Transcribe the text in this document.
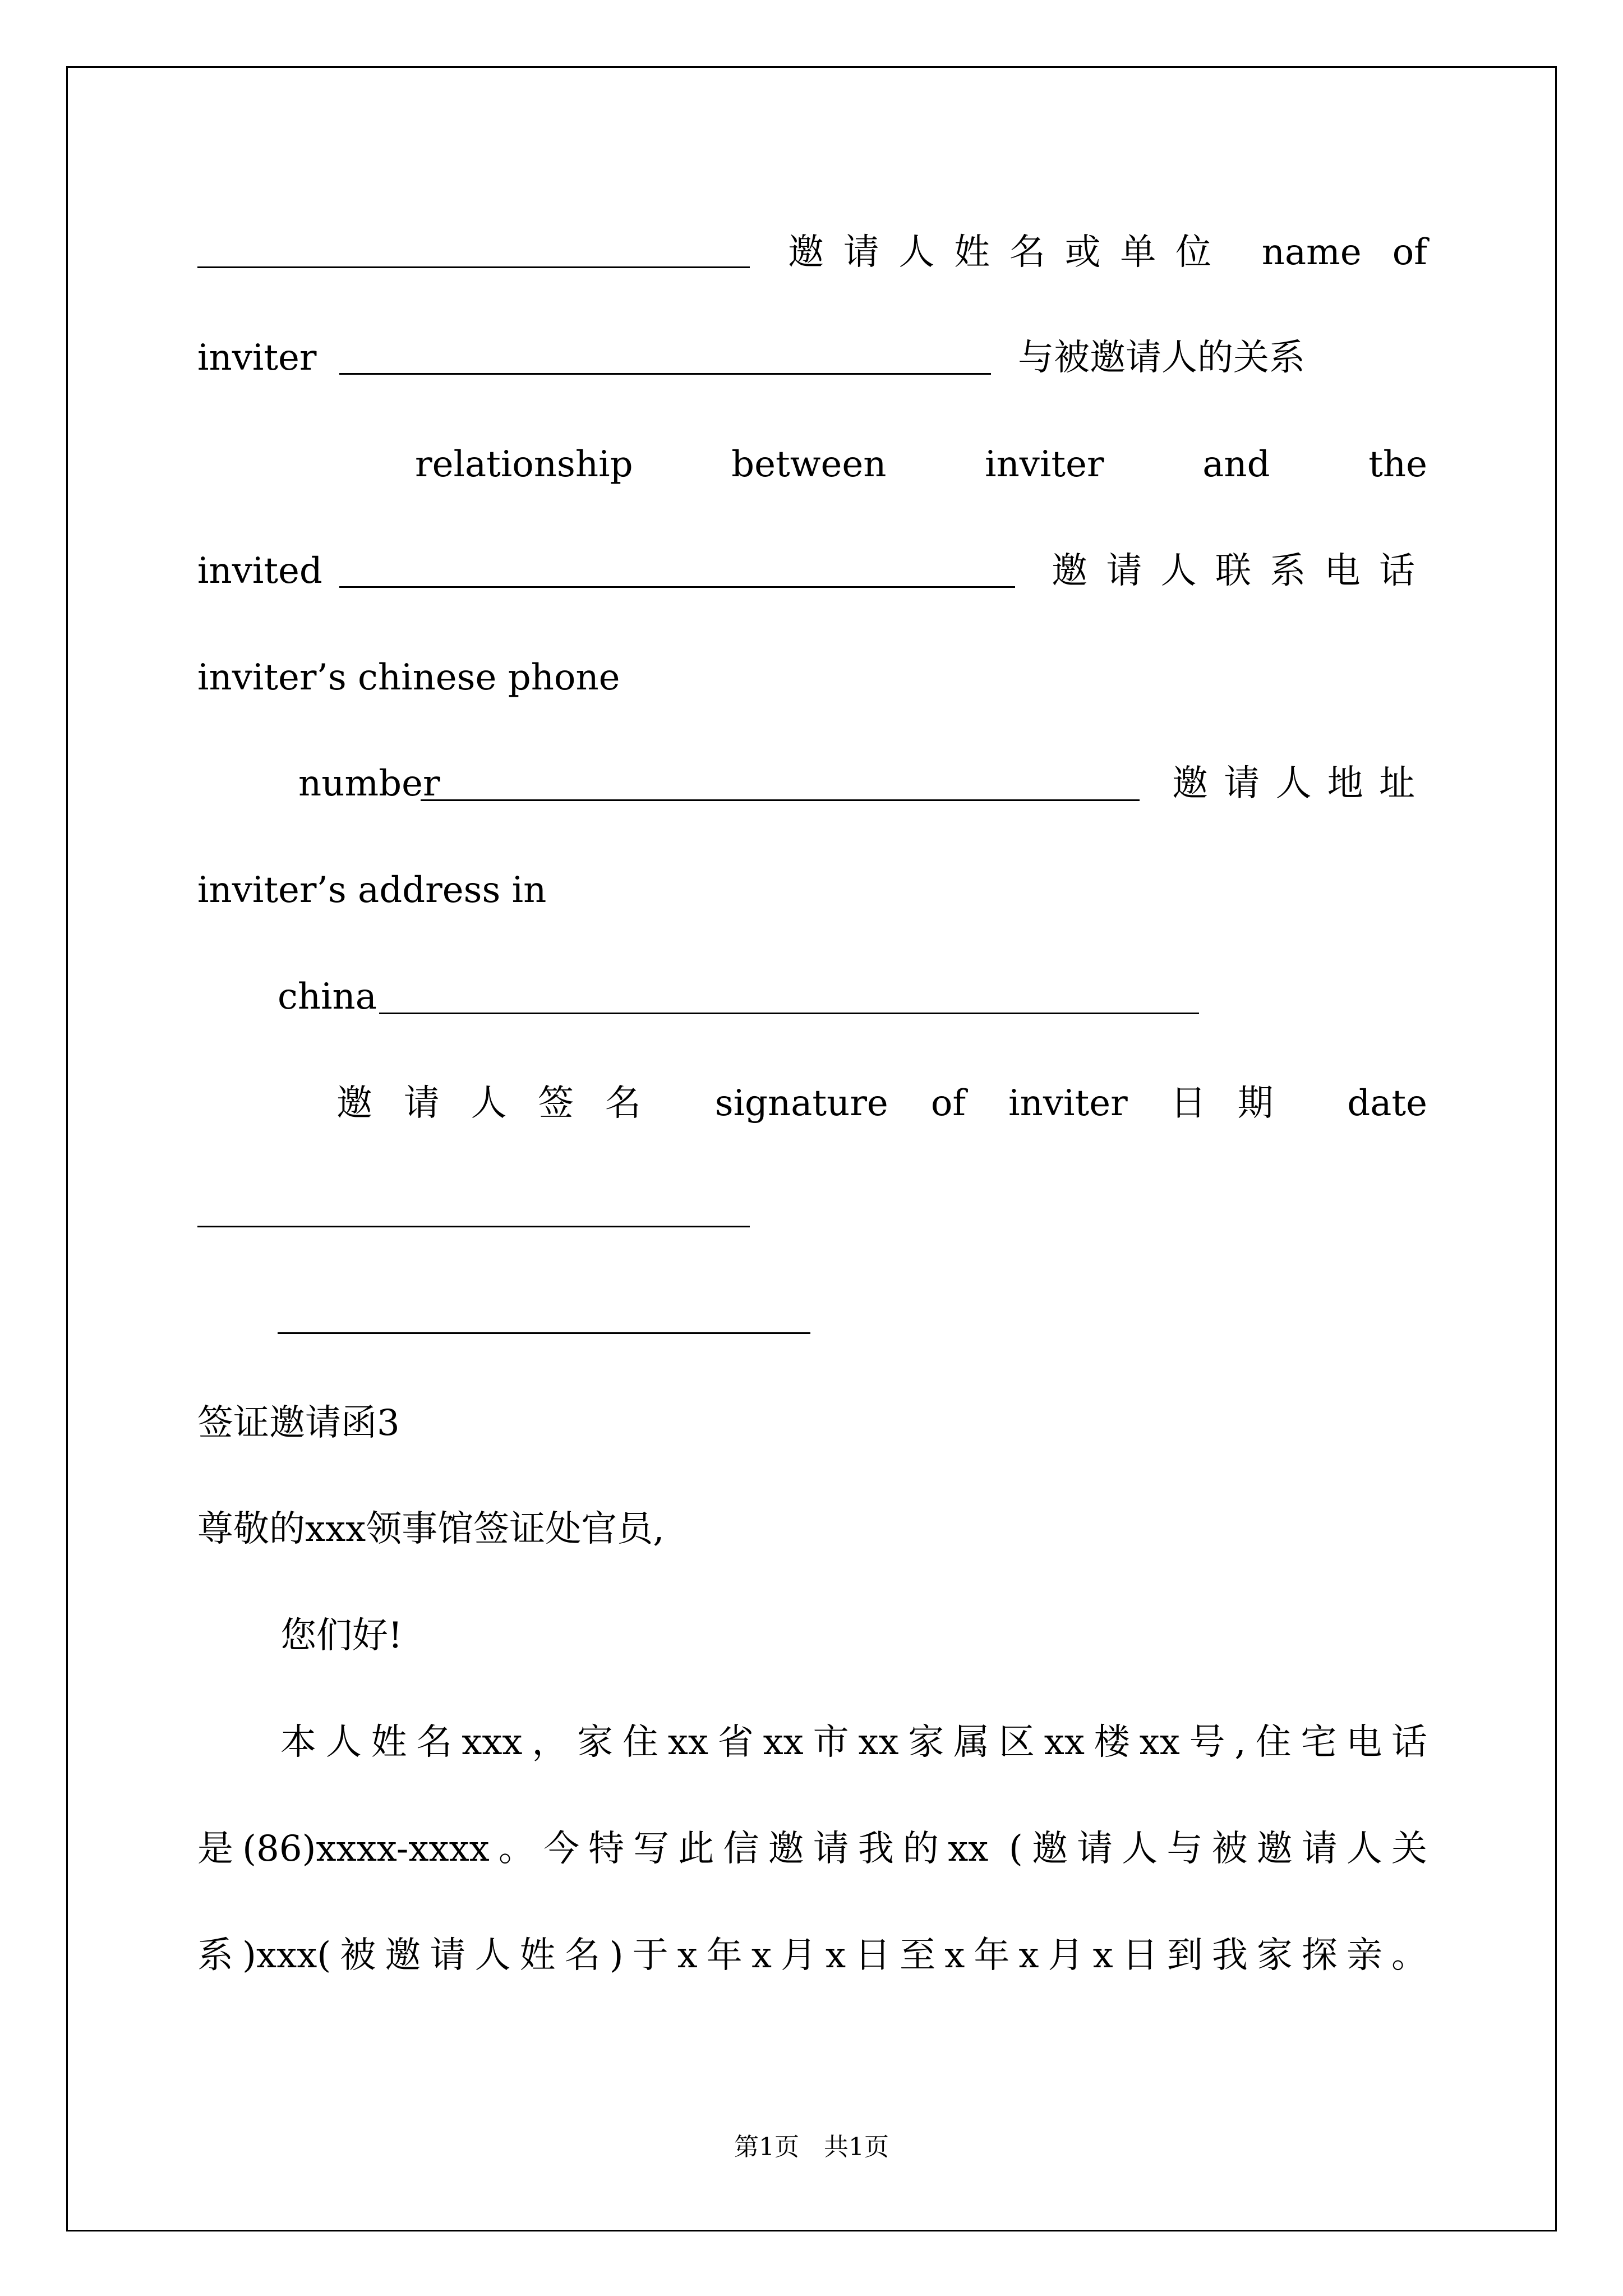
邀请人姓名或单位 name of
inviter	与被邀请人的关系
relationship between inviter and the
invited	邀请人联系电话
inviter’s chinese phone
number	邀请人地址
inviter’s address in
china
邀请人签名 signature of inviter 日期 date
签证邀请函3
尊敬的xxx领事馆签证处官员,
您们好!
本人姓名xxx，家住xx省xx市xx家属区xx楼xx号,住宅电话
是(86)xxxx-xxxx。今特写此信邀请我的xx (邀请人与被邀请人关
系)xxx(被邀请人姓名)于x年x月x日至x年x月x日到我家探亲。
第1页　共1页
